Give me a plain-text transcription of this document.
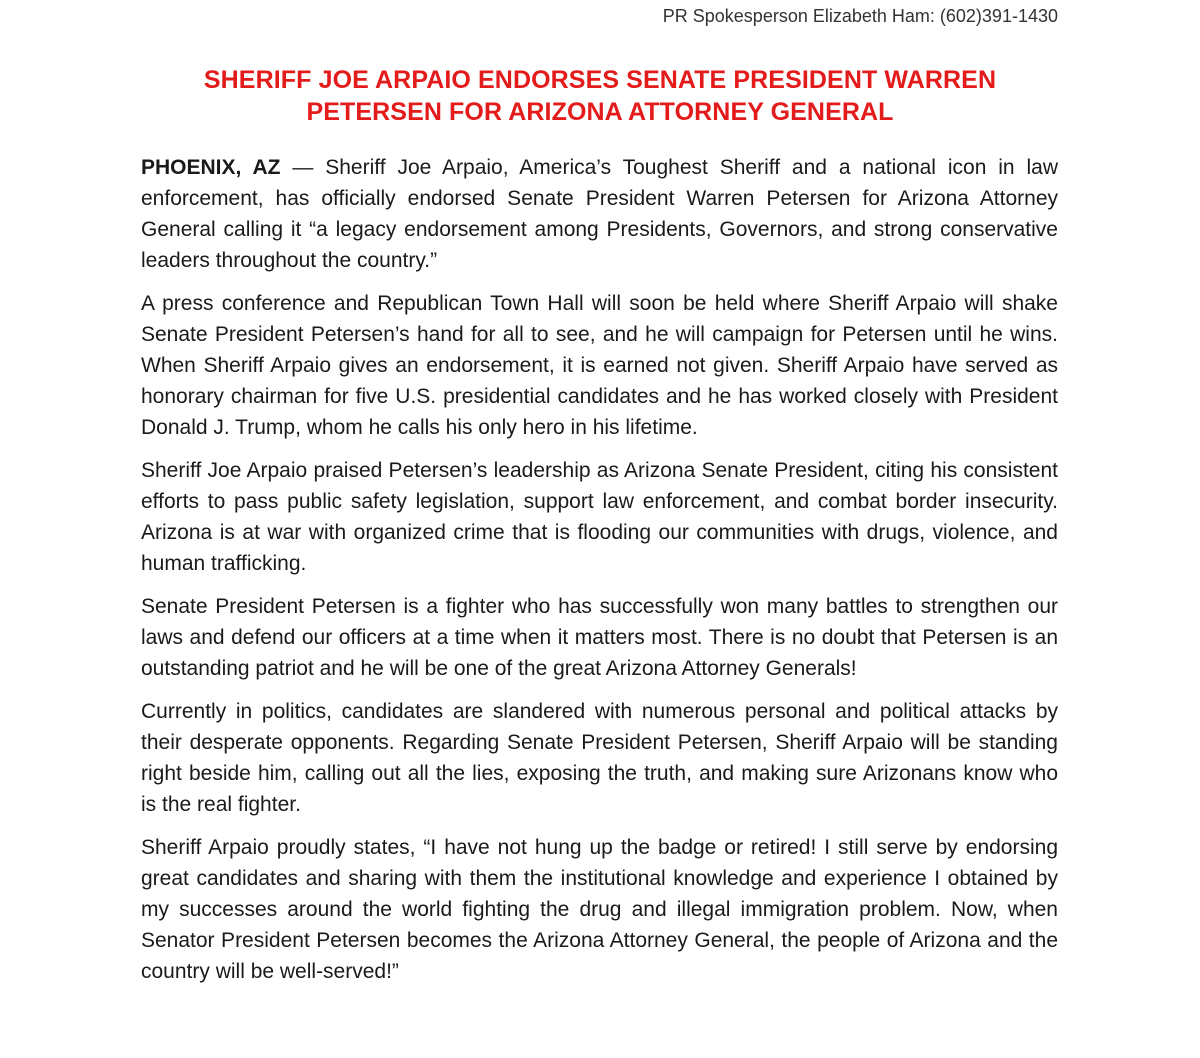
PR Spokesperson Elizabeth Ham: (602)391-1430
SHERIFF JOE ARPAIO ENDORSES SENATE PRESIDENT WARREN
PETERSEN FOR ARIZONA ATTORNEY GENERAL

PHOENIX, AZ — Sheriff Joe Arpaio, America’s Toughest Sheriff and a national icon in law enforcement, has officially endorsed Senate President Warren Petersen for Arizona Attorney General calling it “a legacy endorsement among Presidents, Governors, and strong conservative leaders throughout the country.”

A press conference and Republican Town Hall will soon be held where Sheriff Arpaio will shake Senate President Petersen’s hand for all to see, and he will campaign for Petersen until he wins. When Sheriff Arpaio gives an endorsement, it is earned not given. Sheriff Arpaio have served as honorary chairman for five U.S. presidential candidates and he has worked closely with President Donald J. Trump, whom he calls his only hero in his lifetime.

Sheriff Joe Arpaio praised Petersen’s leadership as Arizona Senate President, citing his consistent efforts to pass public safety legislation, support law enforcement, and combat border insecurity. Arizona is at war with organized crime that is flooding our communities with drugs, violence, and human trafficking.

Senate President Petersen is a fighter who has successfully won many battles to strengthen our laws and defend our officers at a time when it matters most. There is no doubt that Petersen is an outstanding patriot and he will be one of the great Arizona Attorney Generals!

Currently in politics, candidates are slandered with numerous personal and political attacks by their desperate opponents. Regarding Senate President Petersen, Sheriff Arpaio will be standing right beside him, calling out all the lies, exposing the truth, and making sure Arizonans know who is the real fighter.

Sheriff Arpaio proudly states, “I have not hung up the badge or retired! I still serve by endorsing great candidates and sharing with them the institutional knowledge and experience I obtained by my successes around the world fighting the drug and illegal immigration problem. Now, when Senator President Petersen becomes the Arizona Attorney General, the people of Arizona and the country will be well-served!”
